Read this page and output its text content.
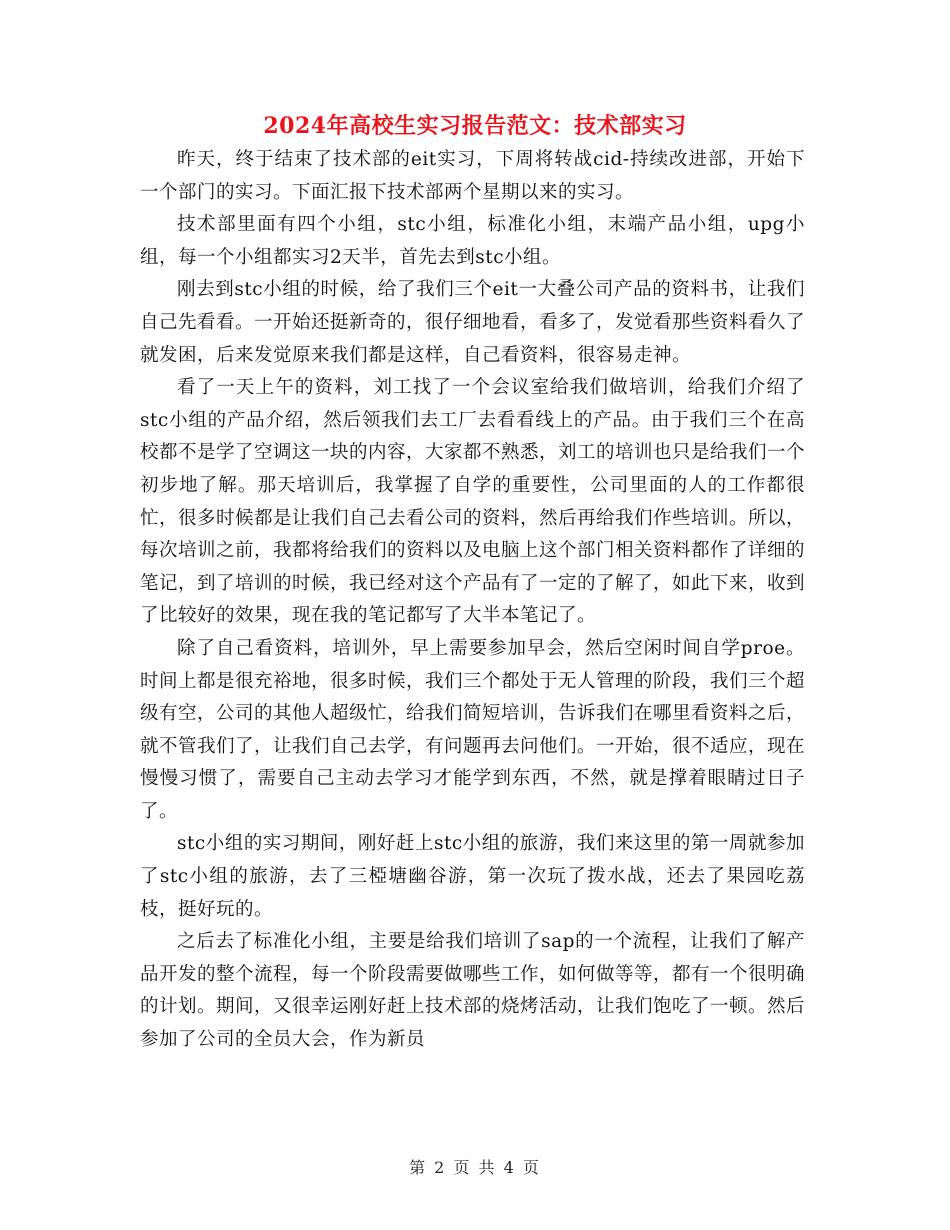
2024年高校生实习报告范文：技术部实习

昨天，终于结束了技术部的eit实习，下周将转战cid-持续改进部，开始下一个部门的实习。下面汇报下技术部两个星期以来的实习。

技术部里面有四个小组，stc小组，标准化小组，末端产品小组，upg小组，每一个小组都实习2天半，首先去到stc小组。

刚去到stc小组的时候，给了我们三个eit一大叠公司产品的资料书，让我们自己先看看。一开始还挺新奇的，很仔细地看，看多了，发觉看那些资料看久了就发困，后来发觉原来我们都是这样，自己看资料，很容易走神。

看了一天上午的资料，刘工找了一个会议室给我们做培训，给我们介绍了stc小组的产品介绍，然后领我们去工厂去看看线上的产品。由于我们三个在高校都不是学了空调这一块的内容，大家都不熟悉，刘工的培训也只是给我们一个初步地了解。那天培训后，我掌握了自学的重要性，公司里面的人的工作都很忙，很多时候都是让我们自己去看公司的资料，然后再给我们作些培训。所以，每次培训之前，我都将给我们的资料以及电脑上这个部门相关资料都作了详细的笔记，到了培训的时候，我已经对这个产品有了一定的了解了，如此下来，收到了比较好的效果，现在我的笔记都写了大半本笔记了。

除了自己看资料，培训外，早上需要参加早会，然后空闲时间自学proe。时间上都是很充裕地，很多时候，我们三个都处于无人管理的阶段，我们三个超级有空，公司的其他人超级忙，给我们简短培训，告诉我们在哪里看资料之后，就不管我们了，让我们自己去学，有问题再去问他们。一开始，很不适应，现在慢慢习惯了，需要自己主动去学习才能学到东西，不然，就是撑着眼睛过日子了。

stc小组的实习期间，刚好赶上stc小组的旅游，我们来这里的第一周就参加了stc小组的旅游，去了三椏塘幽谷游，第一次玩了拨水战，还去了果园吃荔枝，挺好玩的。

之后去了标准化小组，主要是给我们培训了sap的一个流程，让我们了解产品开发的整个流程，每一个阶段需要做哪些工作，如何做等等，都有一个很明确的计划。期间，又很幸运刚好赶上技术部的烧烤活动，让我们饱吃了一顿。然后参加了公司的全员大会，作为新员

第 2 页 共 4 页
